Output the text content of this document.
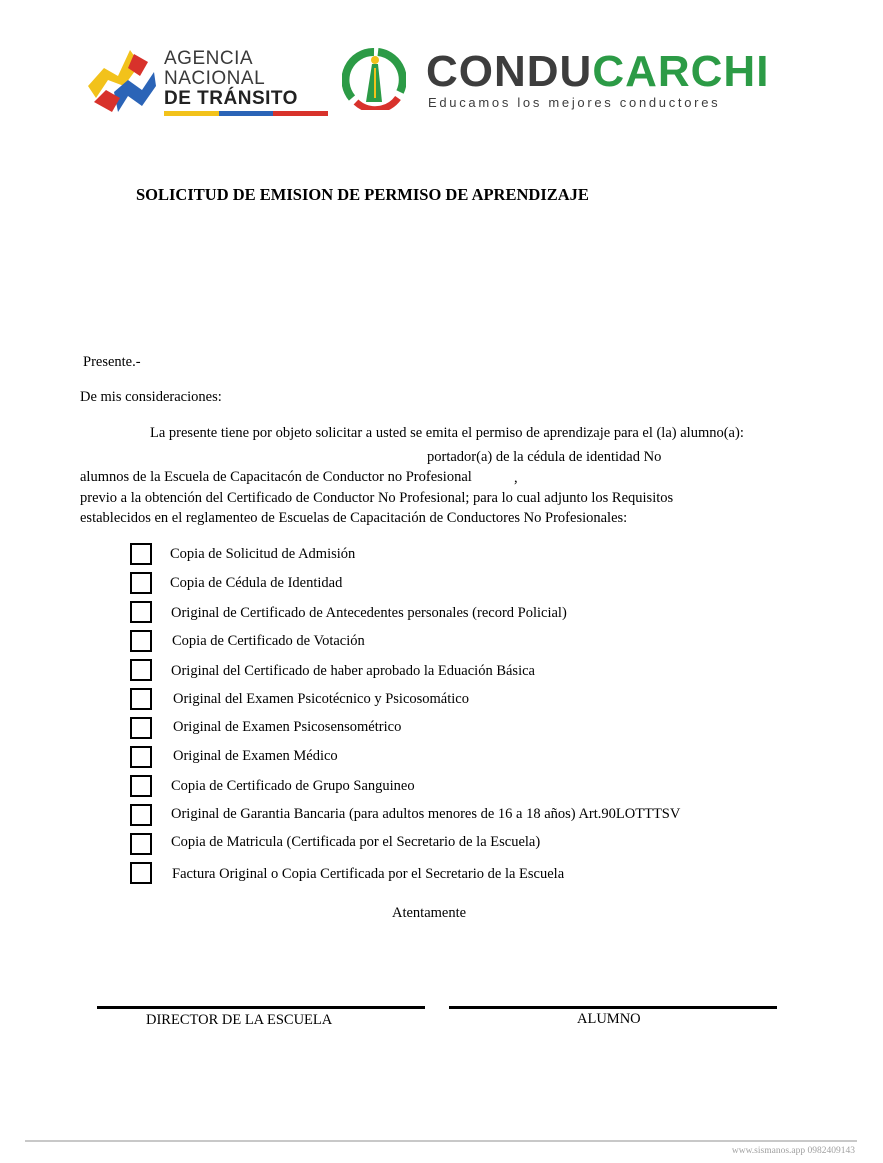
AGENCIA
NACIONAL
DE TRÁNSITO
CONDUCARCHI
Educamos los mejores conductores
SOLICITUD DE EMISION DE PERMISO DE APRENDIZAJE
Presente.-
De mis consideraciones:
La presente tiene por objeto solicitar a usted se emita el permiso de aprendizaje para el (la) alumno(a):
portador(a) de la cédula de identidad No
alumnos de la Escuela de Capacitacón de Conductor no Profesional	,
previo a la obtención del Certificado de Conductor No Profesional; para lo cual adjunto los Requisitos
establecidos en el reglamenteo de Escuelas de Capacitación de Conductores No Profesionales:
Copia de Solicitud de Admisión
Copia de Cédula de Identidad
Original de Certificado de Antecedentes personales (record Policial)
Copia de Certificado de Votación
Original del Certificado de haber aprobado la Eduación Básica
Original del Examen Psicotécnico y Psicosomático
Original de Examen Psicosensométrico
Original de Examen Médico
Copia de Certificado de Grupo Sanguineo
Original de Garantia Bancaria (para adultos menores de 16 a 18 años) Art.90LOTTTSV
Copia de Matricula (Certificada por el Secretario de la Escuela)
Factura Original o Copia Certificada por el Secretario de la Escuela
Atentamente
DIRECTOR DE LA ESCUELA	ALUMNO
www.sismanos.app 0982409143
